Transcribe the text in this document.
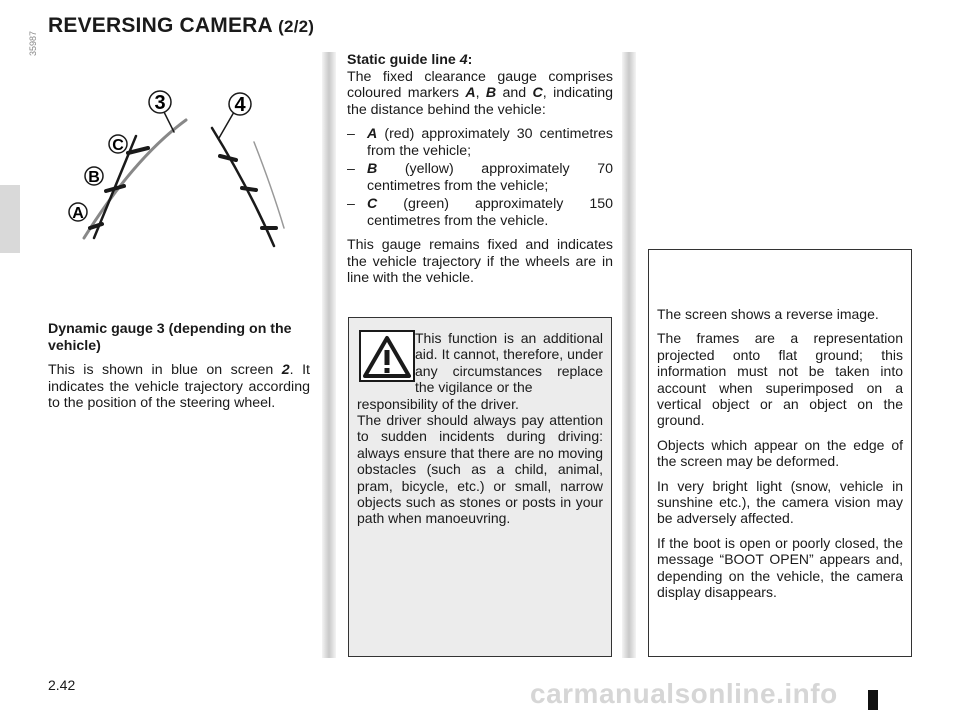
REVERSING CAMERA (2/2)
35987
3	4
C
B
A

Dynamic gauge 3 (depending on the vehicle)

This is shown in blue on screen 2. It indicates the vehicle trajectory according to the position of the steering wheel.

Static guide line 4:

The fixed clearance gauge comprises coloured markers A, B and C, indicating the distance behind the vehicle:

– A (red) approximately 30 centimetres from the vehicle;
– B (yellow) approximately 70 centimetres from the vehicle;
– C (green) approximately 150 centimetres from the vehicle.

This gauge remains fixed and indicates the vehicle trajectory if the wheels are in line with the vehicle.

This function is an additional aid. It cannot, therefore, under any circumstances replace the vigilance or the
responsibility of the driver.

The driver should always pay attention to sudden incidents during driving: always ensure that there are no moving obstacles (such as a child, animal, pram, bicycle, etc.) or small, narrow objects such as stones or posts in your path when manoeuvring.

The screen shows a reverse image.

The frames are a representation projected onto flat ground; this information must not be taken into account when superimposed on a vertical object or an object on the ground.

Objects which appear on the edge of the screen may be deformed.

In very bright light (snow, vehicle in sunshine etc.), the camera vision may be adversely affected.

If the boot is open or poorly closed, the message “BOOT OPEN” appears and, depending on the vehicle, the camera display disappears.

carmanualsonline.info
2.42
